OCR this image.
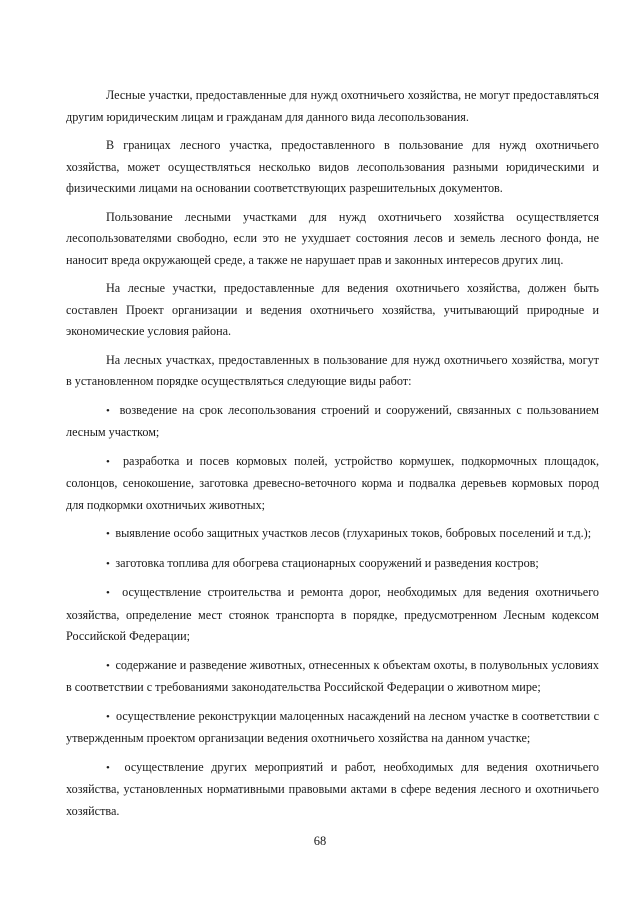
Лесные участки, предоставленные для нужд охотничьего хозяйства, не могут предоставляться другим юридическим лицам и гражданам для данного вида лесопользования.

В границах лесного участка, предоставленного в пользование для нужд охотничьего хозяйства, может осуществляться несколько видов лесопользования разными юридическими и физическими лицами на основании соответствующих разрешительных документов.

Пользование лесными участками для нужд охотничьего хозяйства осуществляется лесопользователями свободно, если это не ухудшает состояния лесов и земель лесного фонда, не наносит вреда окружающей среде, а также не нарушает прав и законных интересов других лиц.

На лесные участки, предоставленные для ведения охотничьего хозяйства, должен быть составлен Проект организации и ведения охотничьего хозяйства, учитывающий природные и экономические условия района.

На лесных участках, предоставленных в пользование для нужд охотничьего хозяйства, могут в установленном порядке осуществляться следующие виды работ:

•  возведение на срок лесопользования строений и сооружений, связанных с пользованием лесным участком;

•  разработка и посев кормовых полей, устройство кормушек, подкормочных площадок, солонцов, сенокошение, заготовка древесно-веточного корма и подвалка деревьев кормовых пород для подкормки охотничьих животных;

•  выявление особо защитных участков лесов (глухариных токов, бобровых поселений и т.д.);

•  заготовка топлива для обогрева стационарных сооружений и разведения костров;

•  осуществление строительства и ремонта дорог, необходимых для ведения охотничьего хозяйства, определение мест стоянок транспорта в порядке, предусмотренном Лесным кодексом Российской Федерации;

•  содержание и разведение животных, отнесенных к объектам охоты, в полувольных условиях в соответствии с требованиями законодательства Российской Федерации о животном мире;

•  осуществление реконструкции малоценных насаждений на лесном участке в соответствии с утвержденным проектом организации ведения охотничьего хозяйства на данном участке;

•  осуществление других мероприятий и работ, необходимых для ведения охотничьего хозяйства, установленных нормативными правовыми актами в сфере ведения лесного и охотничьего хозяйства.

68
